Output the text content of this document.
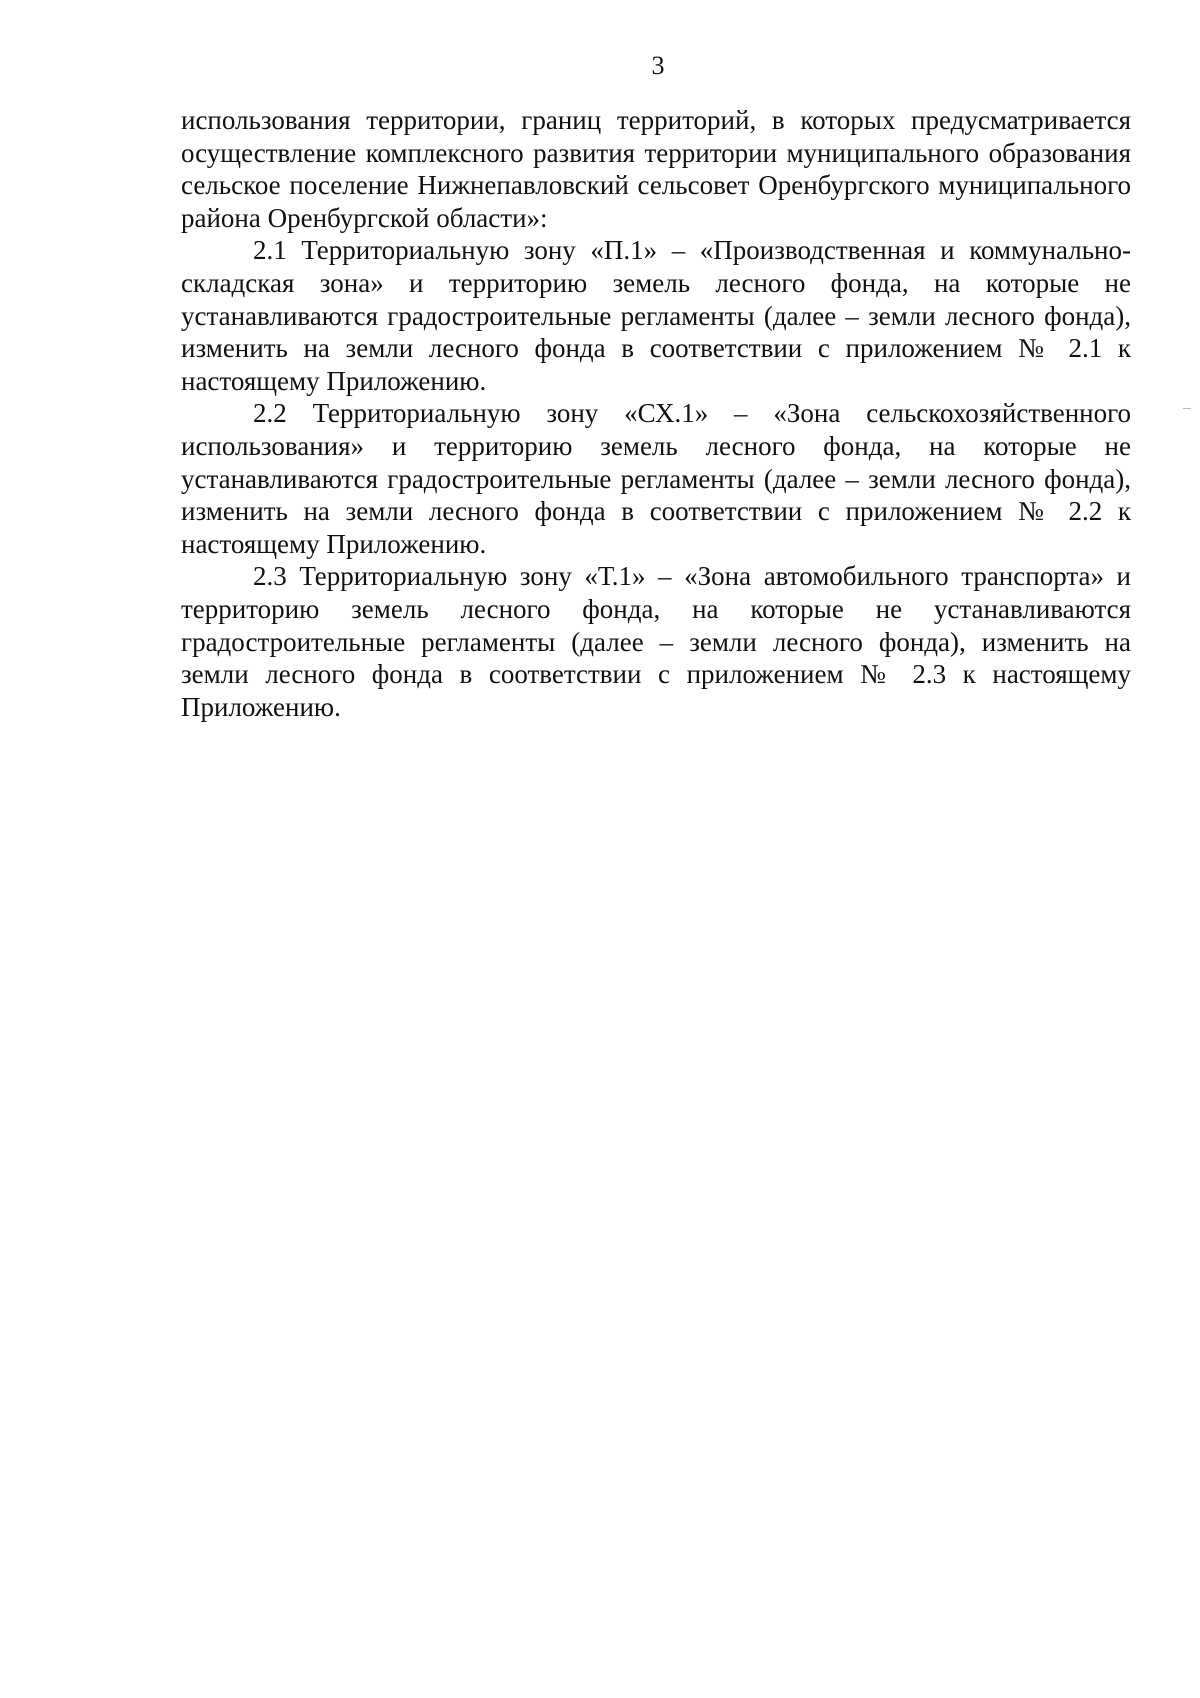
3

использования территории, границ территорий, в которых предусматривается осуществление комплексного развития территории муниципального образования сельское поселение Нижнепавловский сельсовет Оренбургского муниципального района Оренбургской области»:

2.1 Территориальную зону «П.1» – «Производственная и коммунально-складская зона» и территорию земель лесного фонда, на которые не устанавливаются градостроительные регламенты (далее – земли лесного фонда), изменить на земли лесного фонда в соответствии с приложением № 2.1 к настоящему Приложению.

2.2 Территориальную зону «СХ.1» – «Зона сельскохозяйственного использования» и территорию земель лесного фонда, на которые не устанавливаются градостроительные регламенты (далее – земли лесного фонда), изменить на земли лесного фонда в соответствии с приложением № 2.2 к настоящему Приложению.

2.3 Территориальную зону «Т.1» – «Зона автомобильного транспорта» и территорию земель лесного фонда, на которые не устанавливаются градостроительные регламенты (далее – земли лесного фонда), изменить на земли лесного фонда в соответствии с приложением № 2.3 к настоящему Приложению.
